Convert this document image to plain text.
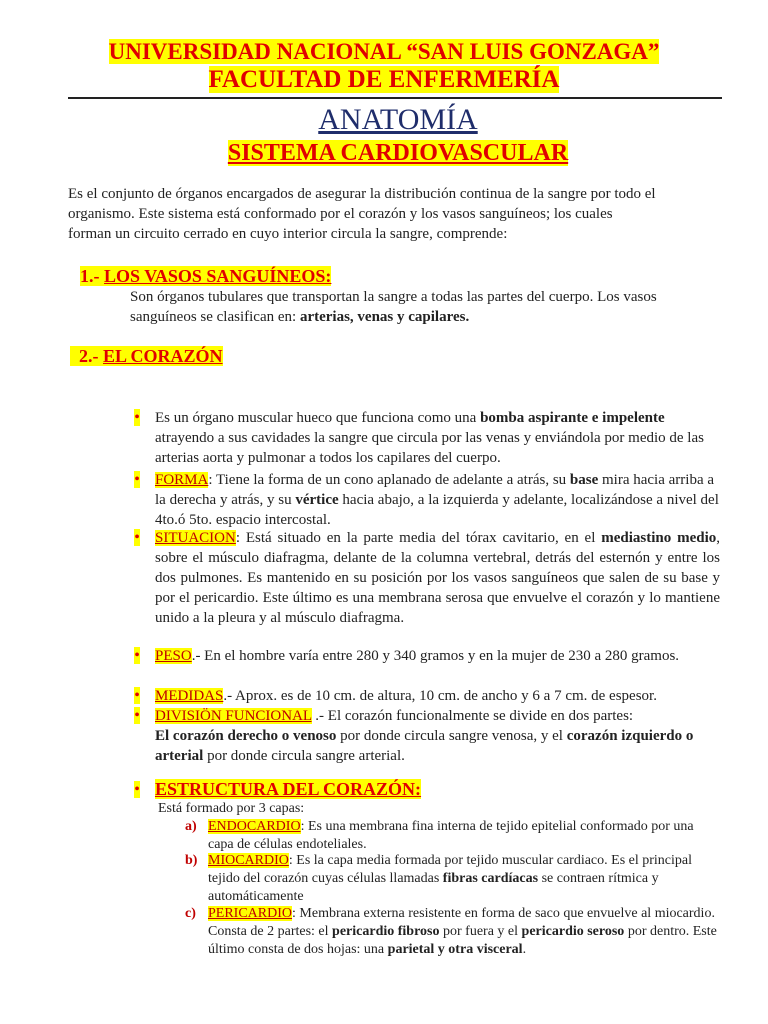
UNIVERSIDAD NACIONAL “SAN LUIS GONZAGA”
FACULTAD DE ENFERMERÍA
ANATOMÍA
SISTEMA CARDIOVASCULAR
Es el conjunto de órganos encargados de asegurar la distribución continua de la sangre por todo el
organismo. Este sistema está conformado por el corazón y los vasos sanguíneos; los cuales
forman un circuito cerrado en cuyo interior circula la sangre, comprende:
1.- LOS VASOS SANGUÍNEOS:
Son órganos tubulares que transportan la sangre a todas las partes del cuerpo. Los vasos
sanguíneos se clasifican en: arterias, venas y capilares.
2.- EL CORAZÓN
• Es un órgano muscular hueco que funciona como una bomba aspirante e impelente atrayendo a sus cavidades la sangre que circula por las venas y enviándola por medio de las arterias aorta y pulmonar a todos los capilares del cuerpo.
• FORMA: Tiene la forma de un cono aplanado de adelante a atrás, su base mira hacia arriba a la derecha y atrás, y su vértice hacia abajo, a la izquierda y adelante, localizándose a nivel del 4to.ó 5to. espacio intercostal.
• SITUACION: Está situado en la parte media del tórax cavitario, en el mediastino medio, sobre el músculo diafragma, delante de la columna vertebral, detrás del esternón y entre los dos pulmones. Es mantenido en su posición por los vasos sanguíneos que salen de su base y por el pericardio. Este último es una membrana serosa que envuelve el corazón y lo mantiene unido a la pleura y al músculo diafragma.
• PESO.- En el hombre varía entre 280 y 340 gramos y en la mujer de 230 a 280 gramos.
• MEDIDAS.- Aprox. es de 10 cm. de altura, 10 cm. de ancho y 6 a 7 cm. de espesor.
• DIVISIÖN FUNCIONAL .- El corazón funcionalmente se divide en dos partes:
El corazón derecho o venoso por donde circula sangre venosa, y el corazón izquierdo o arterial por donde circula sangre arterial.
• ESTRUCTURA DEL CORAZÓN:
Está formado por 3 capas:
a) ENDOCARDIO: Es una membrana fina interna de tejido epitelial conformado por una capa de células endoteliales.
b) MIOCARDIO: Es la capa media formada por tejido muscular cardiaco. Es el principal tejido del corazón cuyas células llamadas fibras cardíacas se contraen rítmica y automáticamente
c) PERICARDIO: Membrana externa resistente en forma de saco que envuelve al miocardio. Consta de 2 partes: el pericardio fibroso por fuera y el pericardio seroso por dentro. Este último consta de dos hojas: una parietal y otra visceral.
